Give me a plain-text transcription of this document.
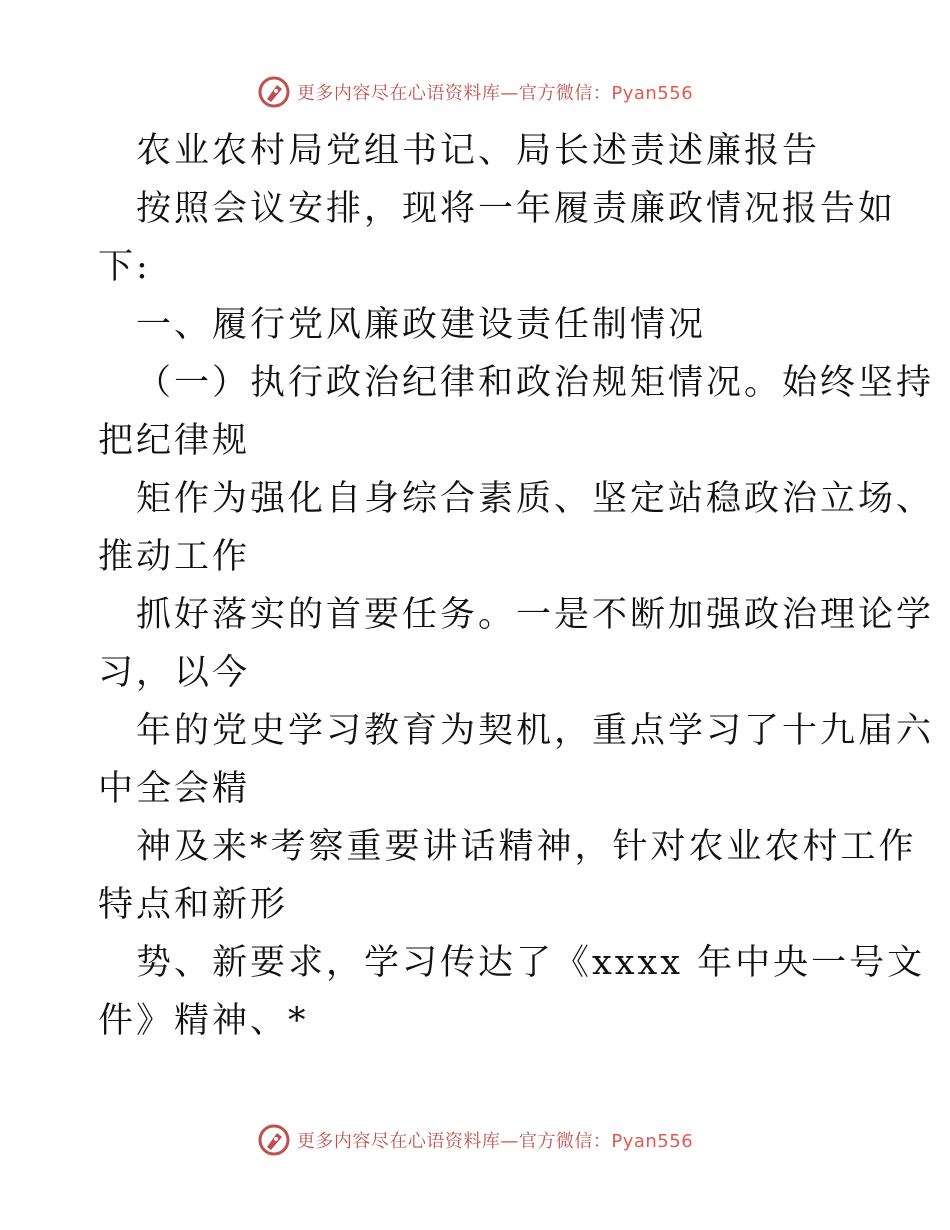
更多内容尽在心语资料库—官方微信：Pyan556
农业农村局党组书记、局长述责述廉报告
按照会议安排，现将一年履责廉政情况报告如
下:
一、履行党风廉政建设责任制情况
（一）执行政治纪律和政治规矩情况。始终坚持
把纪律规
矩作为强化自身综合素质、坚定站稳政治立场、
推动工作
抓好落实的首要任务。一是不断加强政治理论学
习，以今
年的党史学习教育为契机，重点学习了十九届六
中全会精
神及来*考察重要讲话精神，针对农业农村工作
特点和新形
势、新要求，学习传达了《xxxx 年中央一号文
件》精神、*
更多内容尽在心语资料库—官方微信：Pyan556
